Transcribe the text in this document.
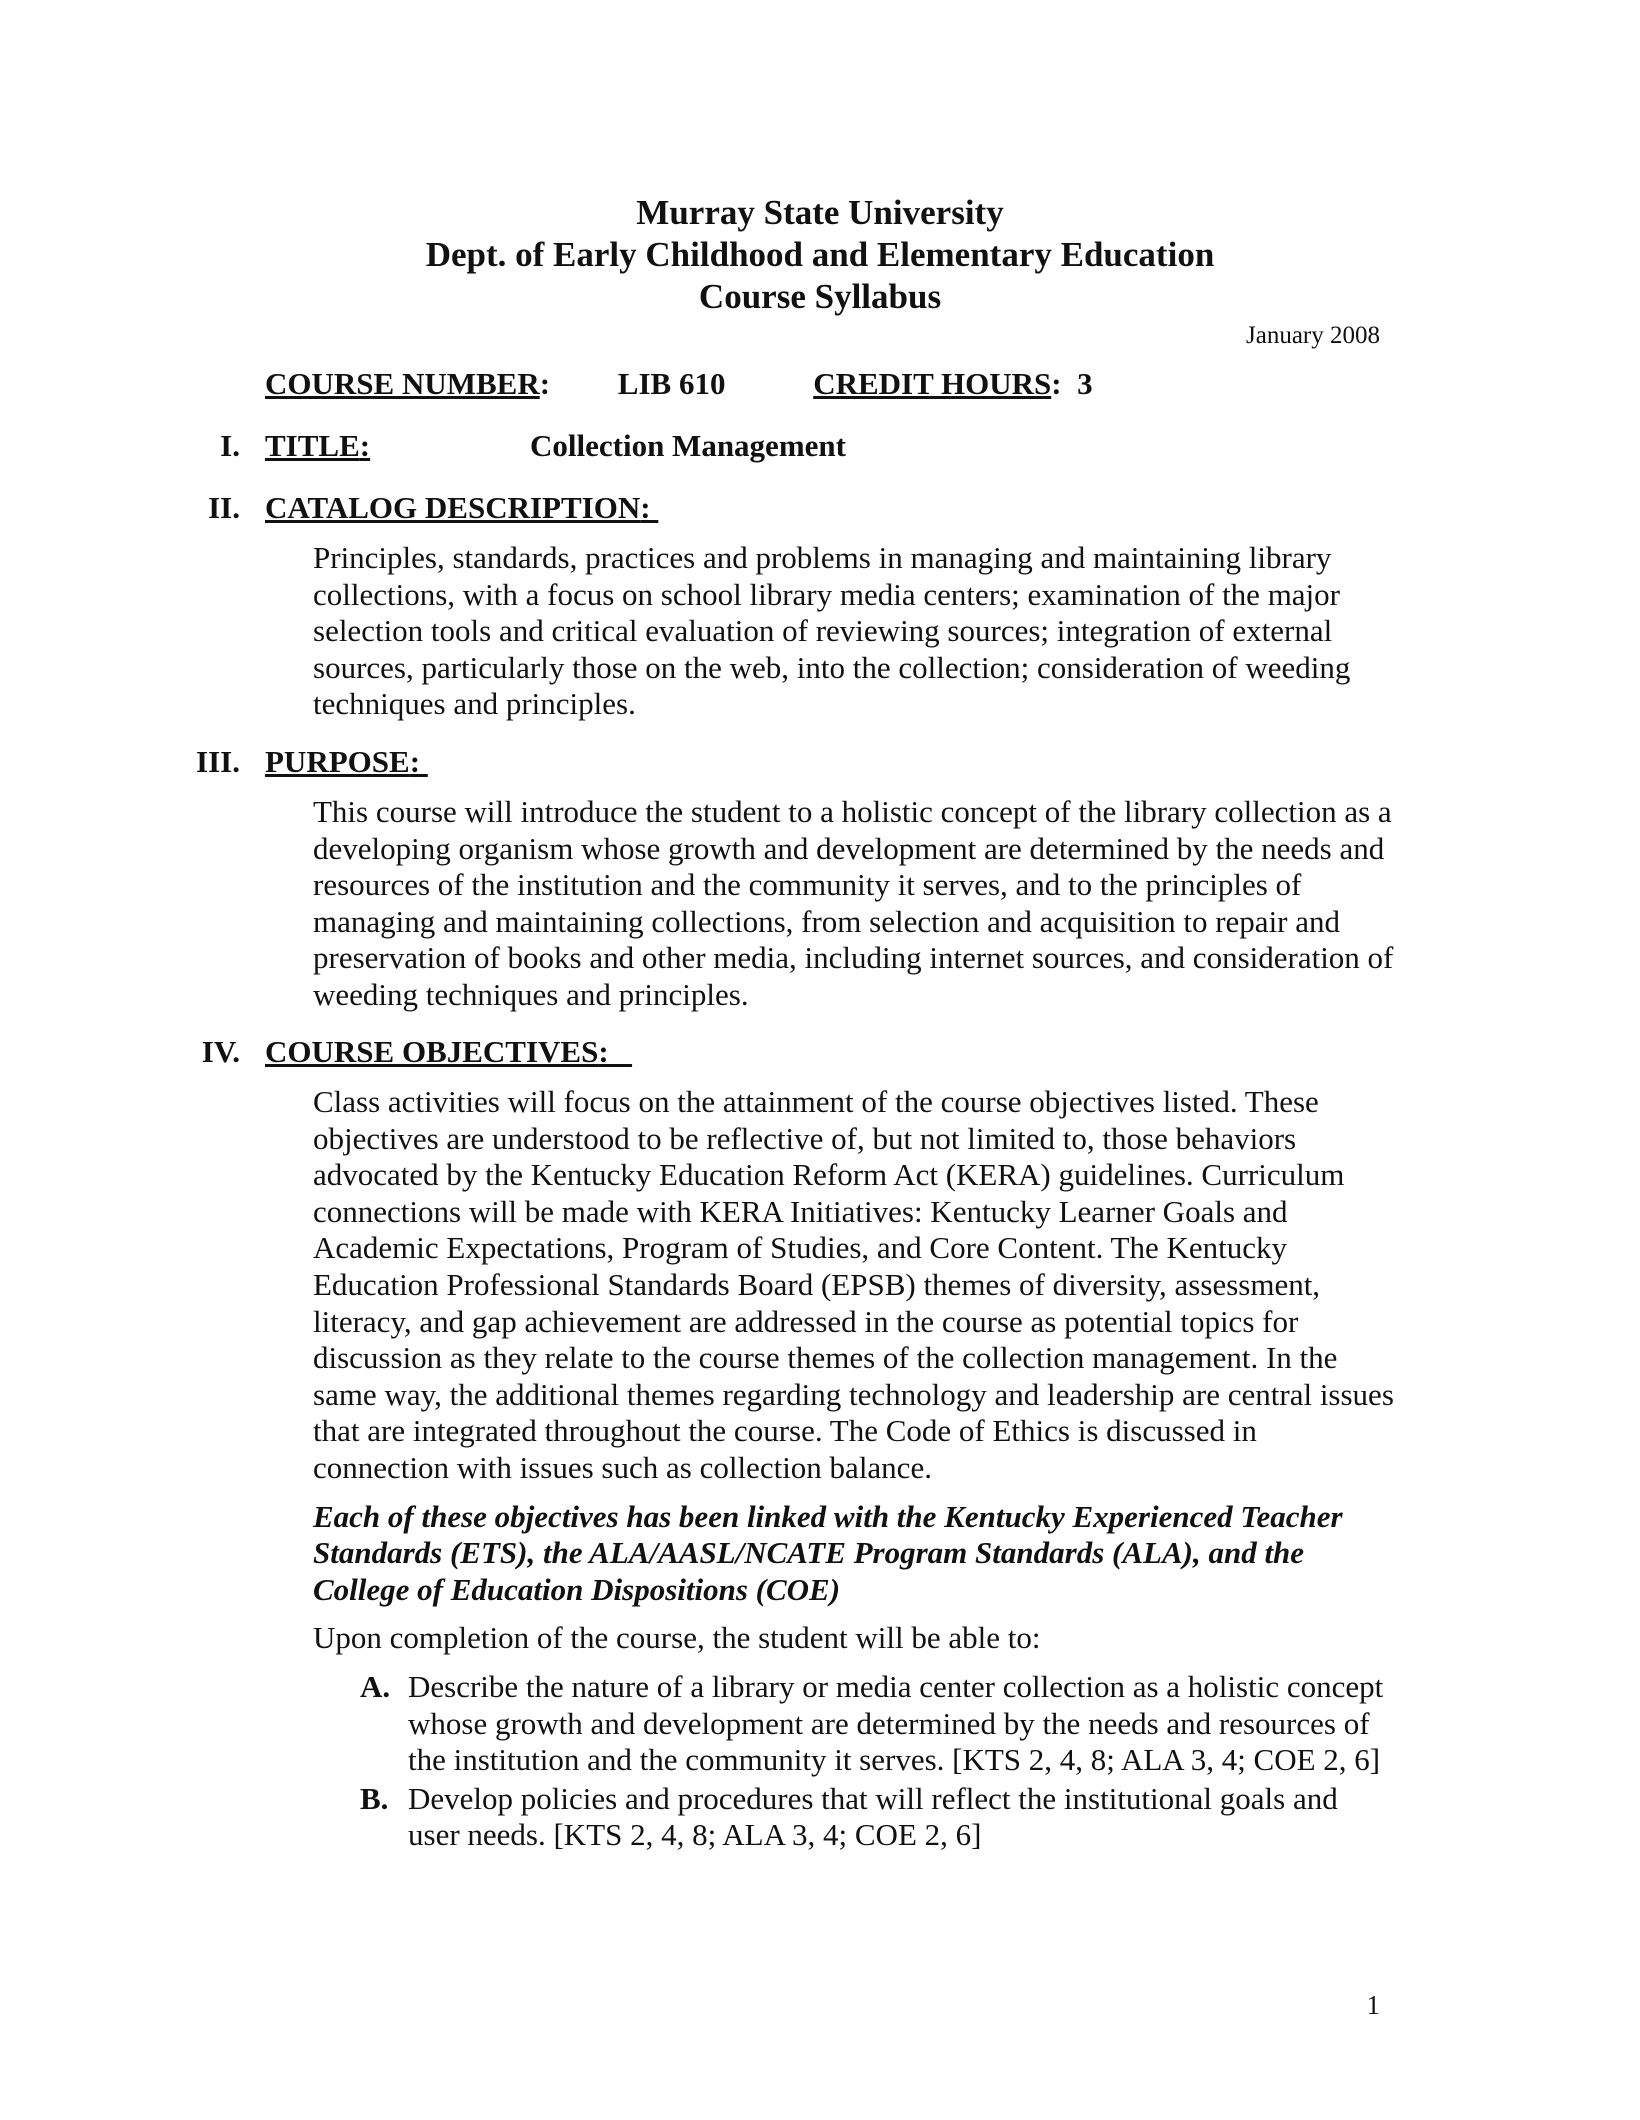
Murray State University
Dept. of Early Childhood and Elementary Education
Course Syllabus
January 2008
COURSE NUMBER: LIB 610	CREDIT HOURS:  3
I. TITLE:	Collection Management
II. CATALOG DESCRIPTION:
Principles, standards, practices and problems in managing and maintaining library collections, with a focus on school library media centers; examination of the major selection tools and critical evaluation of reviewing sources; integration of external sources, particularly those on the web, into the collection; consideration of weeding techniques and principles.
III. PURPOSE:
This course will introduce the student to a holistic concept of the library collection as a developing organism whose growth and development are determined by the needs and resources of the institution and the community it serves, and to the principles of managing and maintaining collections, from selection and acquisition to repair and preservation of books and other media, including internet sources, and consideration of weeding techniques and principles.
IV. COURSE OBJECTIVES: _
Class activities will focus on the attainment of the course objectives listed. These objectives are understood to be reflective of, but not limited to, those behaviors advocated by the Kentucky Education Reform Act (KERA) guidelines. Curriculum connections will be made with KERA Initiatives: Kentucky Learner Goals and Academic Expectations, Program of Studies, and Core Content. The Kentucky Education Professional Standards Board (EPSB) themes of diversity, assessment, literacy, and gap achievement are addressed in the course as potential topics for discussion as they relate to the course themes of the collection management. In the same way, the additional themes regarding technology and leadership are central issues that are integrated throughout the course. The Code of Ethics is discussed in connection with issues such as collection balance.
Each of these objectives has been linked with the Kentucky Experienced Teacher Standards (ETS), the ALA/AASL/NCATE Program Standards (ALA), and the College of Education Dispositions (COE)
Upon completion of the course, the student will be able to:
A. Describe the nature of a library or media center collection as a holistic concept whose growth and development are determined by the needs and resources of the institution and the community it serves. [KTS 2, 4, 8; ALA 3, 4; COE 2, 6]
B. Develop policies and procedures that will reflect the institutional goals and user needs. [KTS 2, 4, 8; ALA 3, 4; COE 2, 6]
1
